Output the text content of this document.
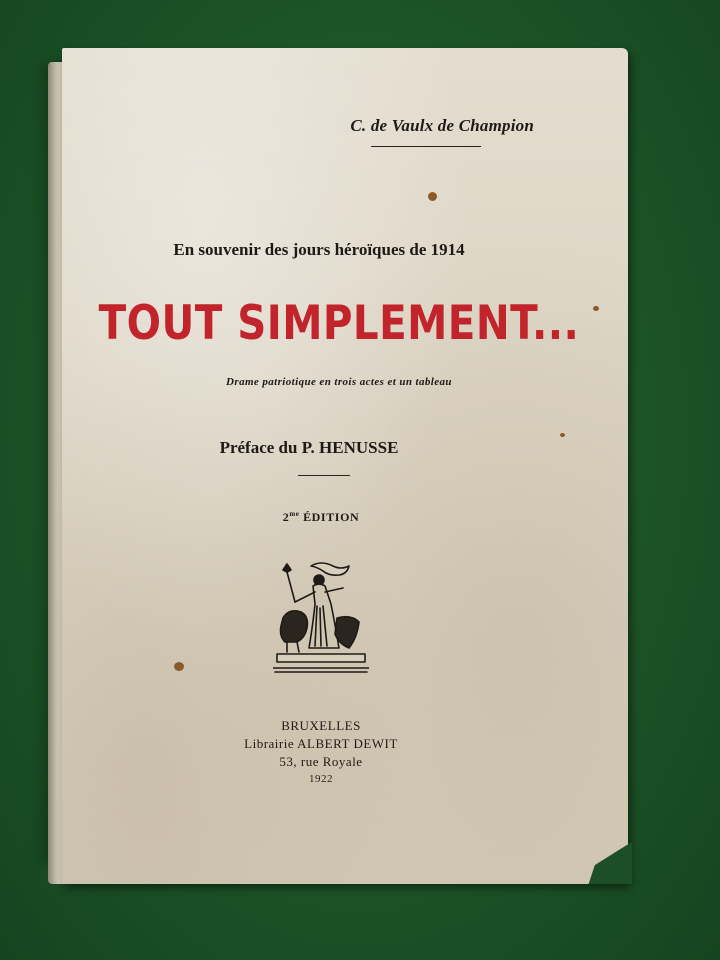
C. de Vaulx de Champion
En souvenir des jours héroïques de 1914
TOUT SIMPLEMENT...
Drame patriotique en trois actes et un tableau
Préface du P. HENUSSE
$2^{me}$ ÉDITION
BRUXELLES
Librairie ALBERT DEWIT
53, rue Royale
1922
